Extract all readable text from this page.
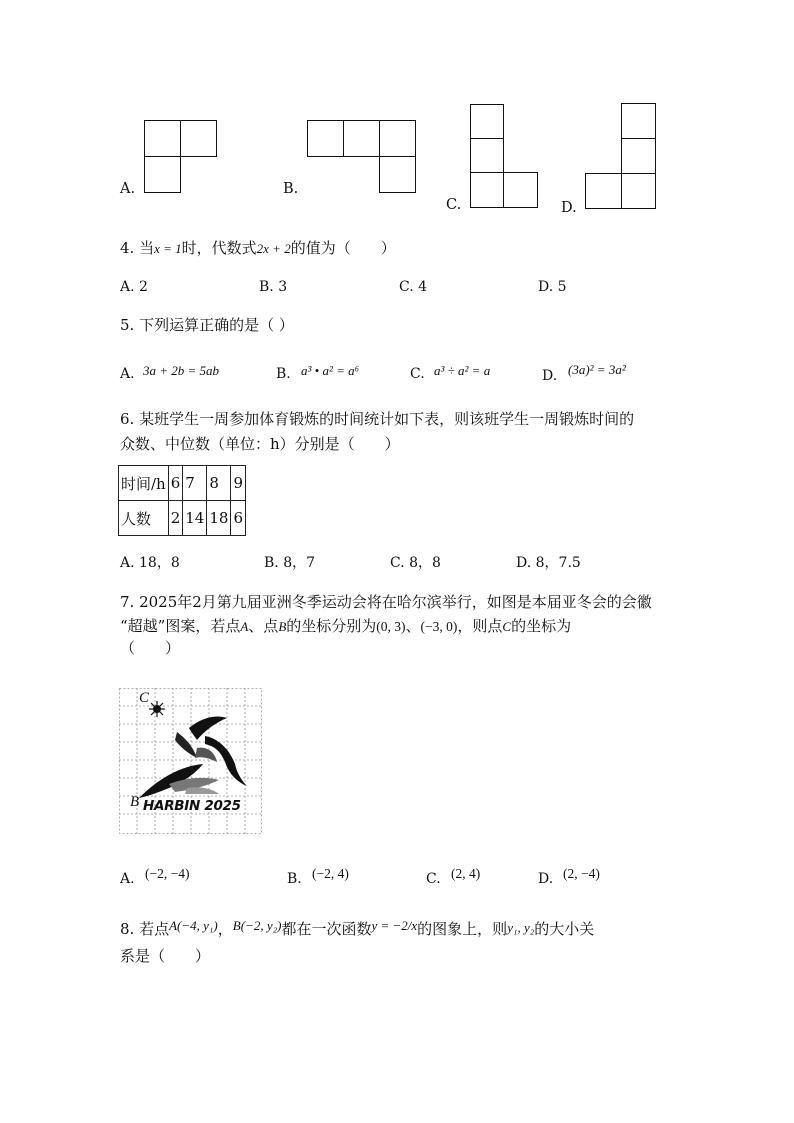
A.	B.
C.	D.
4. 当x = 1时，代数式2x + 2的值为（　　）
A. 2	B. 3	C. 4	D. 5
5. 下列运算正确的是（ ）
A. 3a + 2b = 5ab	B. a³ • a² = a⁶	C. a³ ÷ a² = a	D. (3a)² = 3a²
6. 某班学生一周参加体育锻炼的时间统计如下表，则该班学生一周锻炼时间的
众数、中位数（单位：h）分别是（　　）
时间/h	6	7	8	9
人数	2	14	18	6
A. 18，8	B. 8，7	C. 8，8	D. 8，7.5
7. 2025年2月第九届亚洲冬季运动会将在哈尔滨举行，如图是本届亚冬会的会徽
“超越”图案，若点A、点B的坐标分别为(0, 3)、(−3, 0)，则点C的坐标为
（　　）
C
A
B HARBIN 2025
A. (−2, −4)	B. (−2, 4)	C. (2, 4)	D. (2, −4)
8. 若点A(−4, y₁)，B(−2, y₂)都在一次函数y = −2/x的图象上，则y₁, y₂的大小关
系是（　　）
